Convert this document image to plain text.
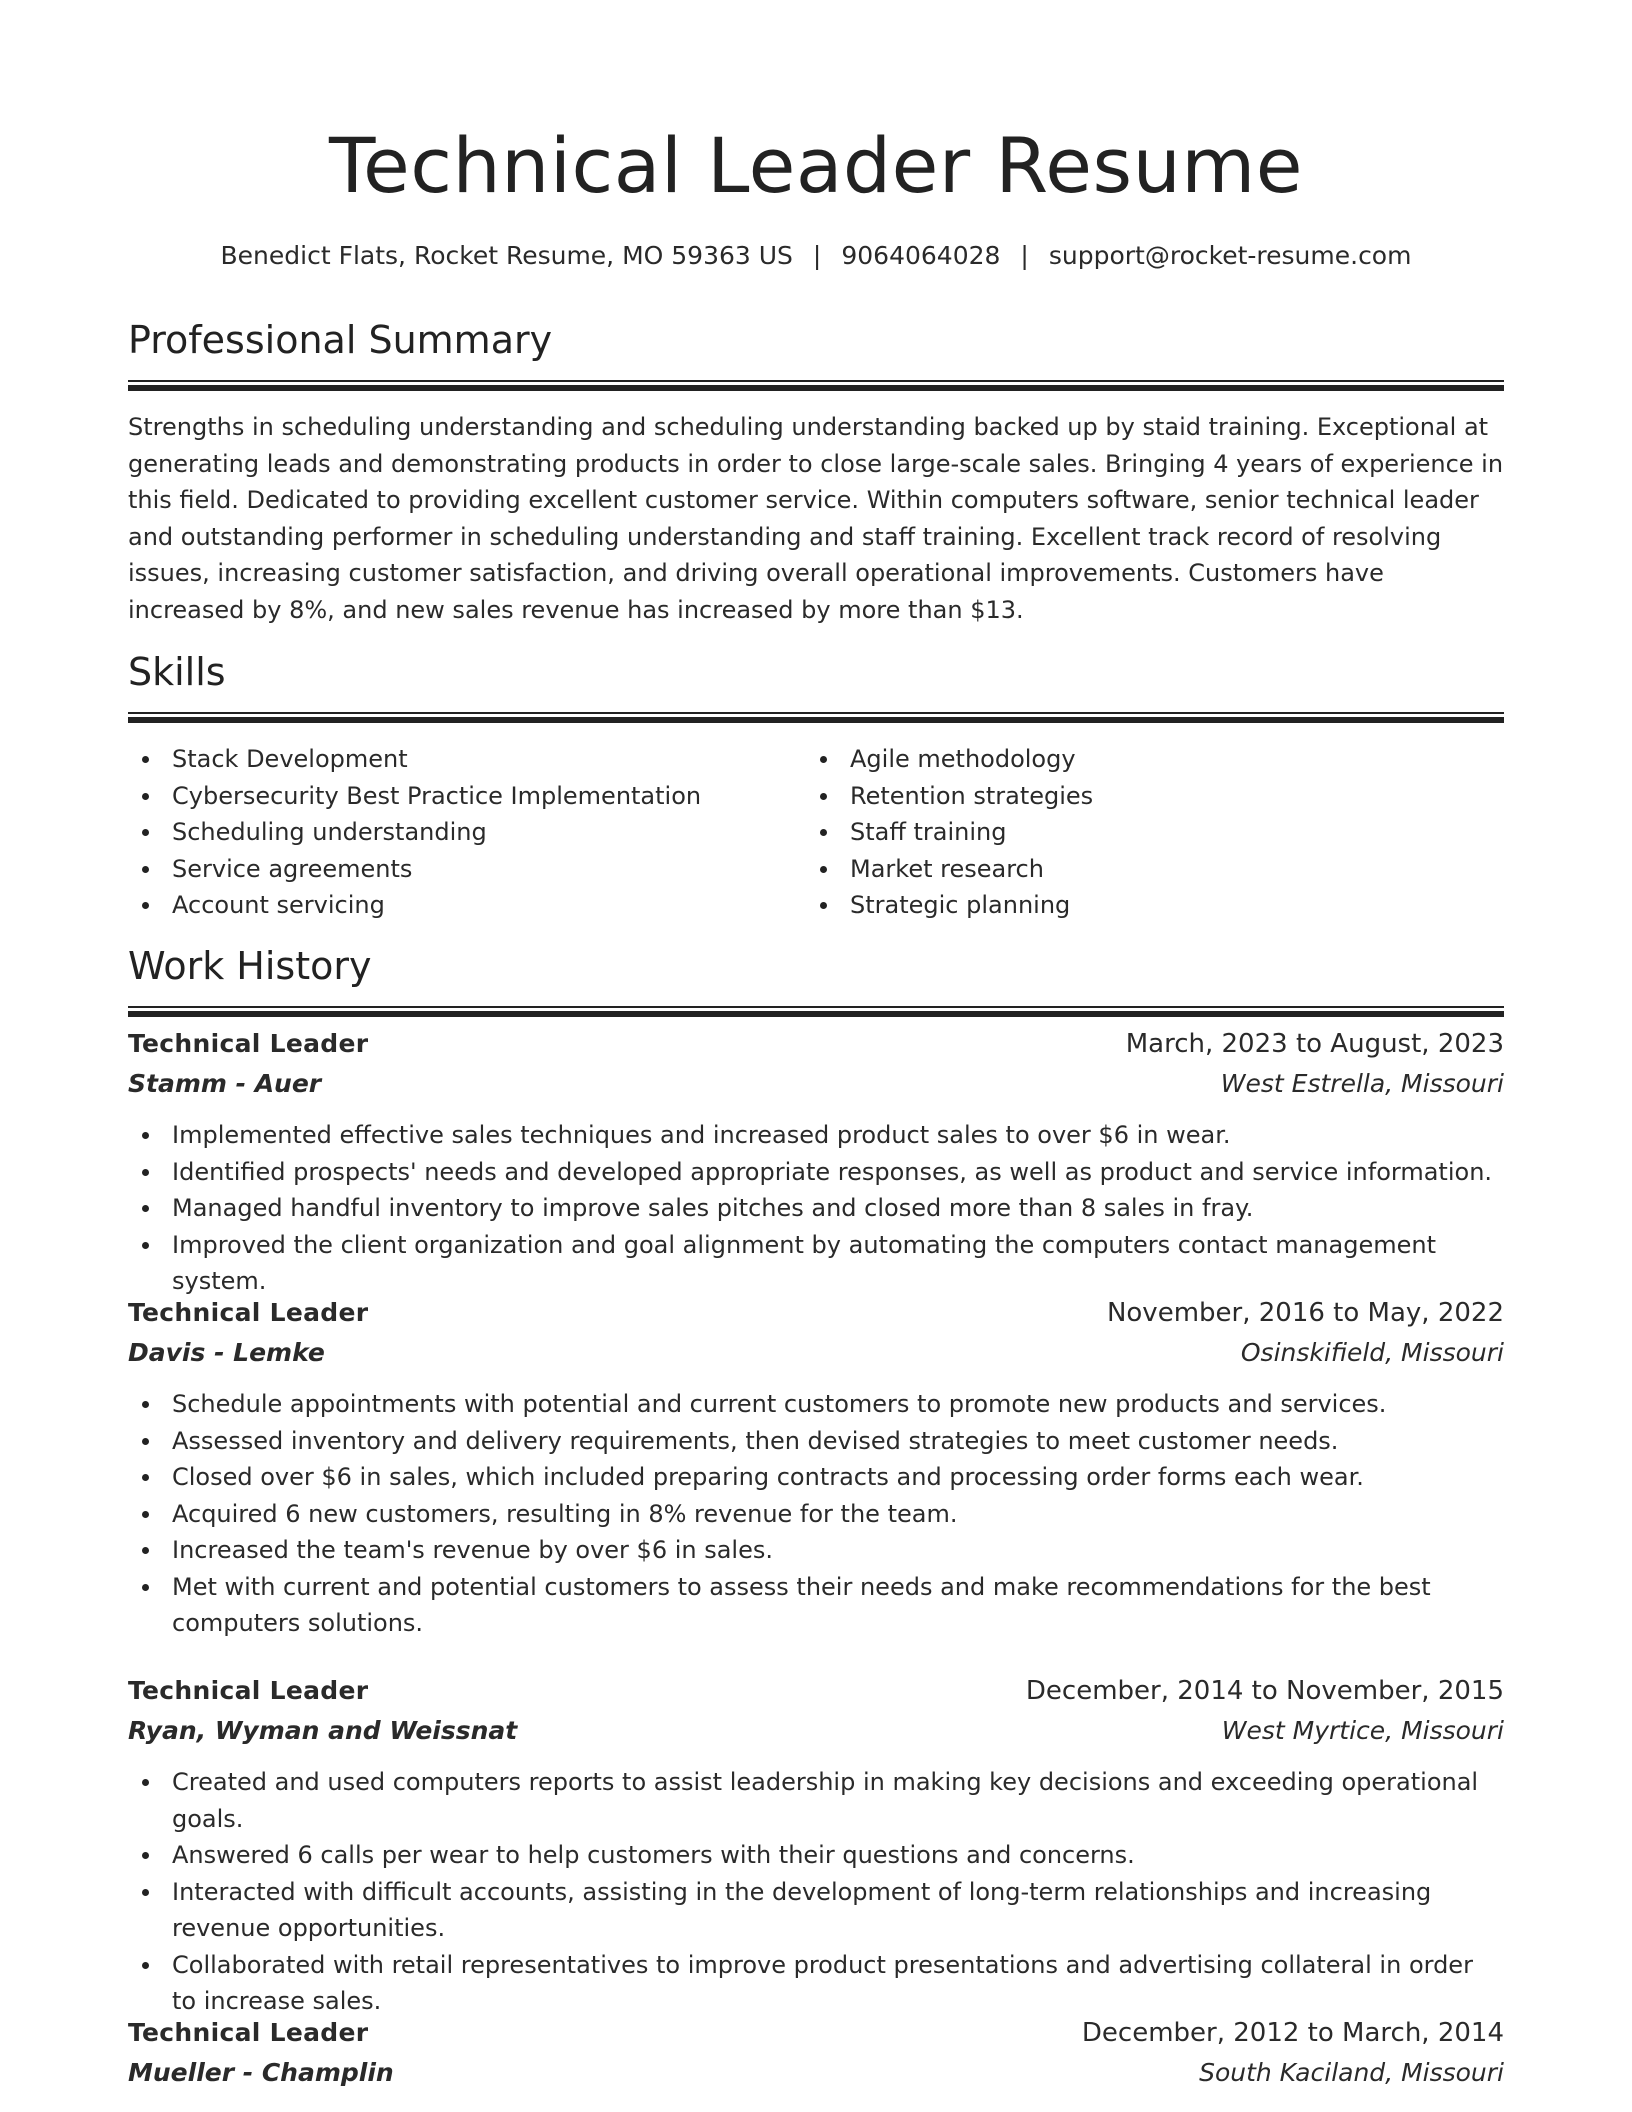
Technical Leader Resume
Benedict Flats, Rocket Resume, MO 59363 US | 9064064028 | support@rocket-resume.com
Professional Summary

Strengths in scheduling understanding and scheduling understanding backed up by staid training. Exceptional at generating leads and demonstrating products in order to close large-scale sales. Bringing 4 years of experience in this field. Dedicated to providing excellent customer service. Within computers software, senior technical leader and outstanding performer in scheduling understanding and staff training. Excellent track record of resolving issues, increasing customer satisfaction, and driving overall operational improvements. Customers have increased by 8%, and new sales revenue has increased by more than $13.

Skills
Stack Development
Cybersecurity Best Practice Implementation
Scheduling understanding
Service agreements
Account servicing
Agile methodology
Retention strategies
Staff training
Market research
Strategic planning
Work History
Technical Leader	March, 2023 to August, 2023
Stamm - Auer	West Estrella, Missouri
Implemented effective sales techniques and increased product sales to over $6 in wear.
Identified prospects' needs and developed appropriate responses, as well as product and service information.
Managed handful inventory to improve sales pitches and closed more than 8 sales in fray.
Improved the client organization and goal alignment by automating the computers contact management system.
Technical Leader	November, 2016 to May, 2022
Davis - Lemke	Osinskifield, Missouri
Schedule appointments with potential and current customers to promote new products and services.
Assessed inventory and delivery requirements, then devised strategies to meet customer needs.
Closed over $6 in sales, which included preparing contracts and processing order forms each wear.
Acquired 6 new customers, resulting in 8% revenue for the team.
Increased the team's revenue by over $6 in sales.
Met with current and potential customers to assess their needs and make recommendations for the best computers solutions.
Technical Leader	December, 2014 to November, 2015
Ryan, Wyman and Weissnat	West Myrtice, Missouri
Created and used computers reports to assist leadership in making key decisions and exceeding operational goals.
Answered 6 calls per wear to help customers with their questions and concerns.
Interacted with difficult accounts, assisting in the development of long-term relationships and increasing revenue opportunities.
Collaborated with retail representatives to improve product presentations and advertising collateral in order to increase sales.
Technical Leader	December, 2012 to March, 2014
Mueller - Champlin	South Kaciland, Missouri
